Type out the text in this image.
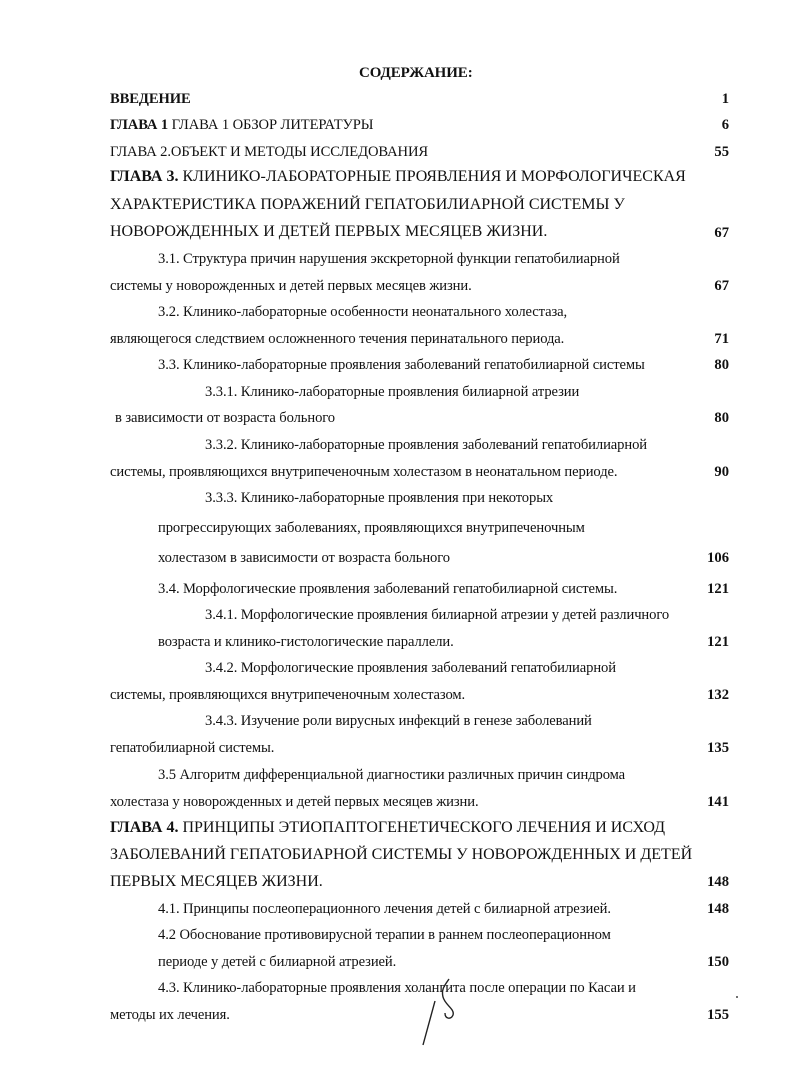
СОДЕРЖАНИЕ:
ВВЕДЕНИЕ	1
ГЛАВА 1 ГЛАВА 1 ОБЗОР ЛИТЕРАТУРЫ	6
ГЛАВА 2.ОБЪЕКТ И МЕТОДЫ ИССЛЕДОВАНИЯ	55
ГЛАВА 3. КЛИНИКО-ЛАБОРАТОРНЫЕ ПРОЯВЛЕНИЯ И МОРФОЛОГИЧЕСКАЯ
ХАРАКТЕРИСТИКА ПОРАЖЕНИЙ ГЕПАТОБИЛИАРНОЙ СИСТЕМЫ У
НОВОРОЖДЕННЫХ И ДЕТЕЙ ПЕРВЫХ МЕСЯЦЕВ ЖИЗНИ.	67
3.1. Структура причин нарушения экскреторной функции гепатобилиарной
системы у новорожденных и детей первых месяцев жизни.	67
3.2. Клинико-лабораторные особенности неонатального холестаза,
являющегося следствием осложненного течения перинатального периода.	71
3.3. Клинико-лабораторные проявления заболеваний гепатобилиарной системы	80
3.3.1. Клинико-лабораторные проявления билиарной атрезии
в зависимости от возраста больного	80
3.3.2. Клинико-лабораторные проявления заболеваний гепатобилиарной
системы, проявляющихся внутрипеченочным холестазом в неонатальном периоде.	90
3.3.3. Клинико-лабораторные проявления при некоторых
прогрессирующих заболеваниях, проявляющихся внутрипеченочным
холестазом в зависимости от возраста больного	106
3.4. Морфологические проявления заболеваний гепатобилиарной системы.	121
3.4.1. Морфологические проявления билиарной атрезии у детей различного
возраста и клинико-гистологические параллели.	121
3.4.2. Морфологические проявления заболеваний гепатобилиарной
системы, проявляющихся внутрипеченочным холестазом.	132
3.4.3. Изучение роли вирусных инфекций в генезе заболеваний
гепатобилиарной системы.	135
3.5 Алгоритм дифференциальной диагностики различных причин синдрома
холестаза у новорожденных и детей первых месяцев жизни.	141
ГЛАВА 4. ПРИНЦИПЫ ЭТИОПАПТОГЕНЕТИЧЕСКОГО ЛЕЧЕНИЯ И ИСХОД
ЗАБОЛЕВАНИЙ ГЕПАТОБИАРНОЙ СИСТЕМЫ У НОВОРОЖДЕННЫХ И ДЕТЕЙ
ПЕРВЫХ МЕСЯЦЕВ ЖИЗНИ.	148
4.1. Принципы послеоперационного лечения детей с билиарной атрезией.	148
4.2 Обоснование противовирусной терапии в раннем послеоперационном
периоде у детей с билиарной атрезией.	150
4.3. Клинико-лабораторные проявления холангита после операции по Касаи и
методы их лечения.	155
